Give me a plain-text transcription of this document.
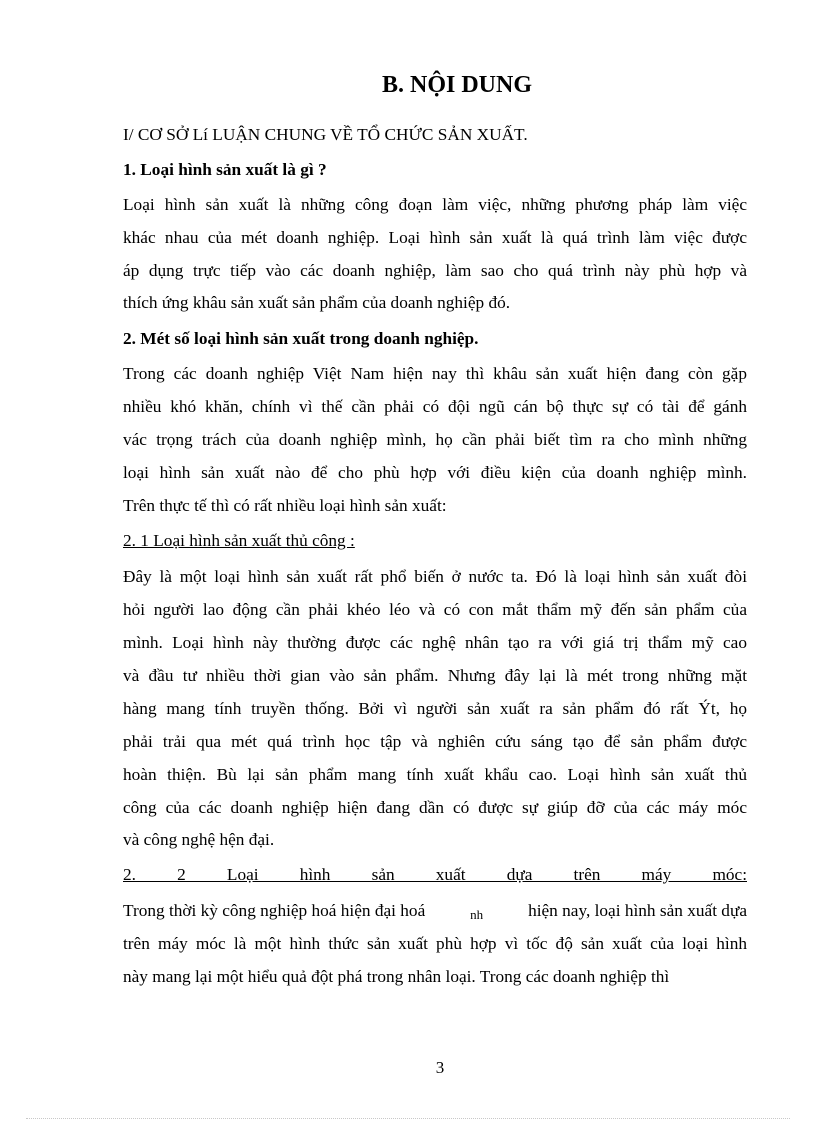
B. NỘI DUNG
I/ CƠ SỞ Lí LUẬN CHUNG VỀ TỔ CHỨC SẢN XUẤT.
1. Loại hình sản xuất là gì ?
Loại hình sản xuất là những công đoạn làm việc, những phương pháp làm việc
khác nhau của mét doanh nghiệp. Loại hình sản xuất là quá trình làm việc được
áp dụng trực tiếp vào các doanh nghiệp, làm sao cho quá trình này phù hợp và
thích ứng khâu sản xuất sản phẩm của doanh nghiệp đó.
2. Mét số loại hình sản xuất trong doanh nghiệp.
Trong các doanh nghiệp Việt Nam hiện nay thì khâu sản xuất hiện đang còn gặp
nhiều khó khăn, chính vì thế cần phải có đội ngũ cán bộ thực sự có tài để gánh
vác trọng trách của doanh nghiệp mình, họ cần phải biết tìm ra cho mình những
loại hình sản xuất nào để cho phù hợp với điều kiện của doanh nghiệp mình.
Trên thực tế thì có rất nhiều loại hình sản xuất:
2. 1 Loại hình sản xuất thủ công :
Đây là một loại hình sản xuất rất phổ biến ở nước ta. Đó là loại hình sản xuất đòi
hỏi người lao động cần phải khéo léo và có con mắt thẩm mỹ đến sản phẩm của
mình. Loại hình này thường được các nghệ nhân tạo ra với giá trị thẩm mỹ cao
và đầu tư nhiều thời gian vào sản phẩm. Nhưng đây lại là mét trong những mặt
hàng mang tính truyền thống. Bởi vì người sản xuất ra sản phẩm đó rất Ýt, họ
phải trải qua mét quá trình học tập và nghiên cứu sáng tạo để sản phẩm được
hoàn thiện. Bù lại sản phẩm mang tính xuất khẩu cao. Loại hình sản xuất thủ
công của các doanh nghiệp hiện đang dần có được sự giúp đỡ của các máy móc
và công nghệ hện đại.
2. 2 Loại hình sản xuất dựa trên máy móc:
Trong thời kỳ công nghiệp hoá hiện đại hoá	nh	hiện nay, loại hình sản xuất dựa
trên máy móc là một hình thức sản xuất phù hợp vì tốc độ sản xuất của loại hình
này mang lại một hiểu quả đột phá trong nhân loại. Trong các doanh nghiệp thì
3
